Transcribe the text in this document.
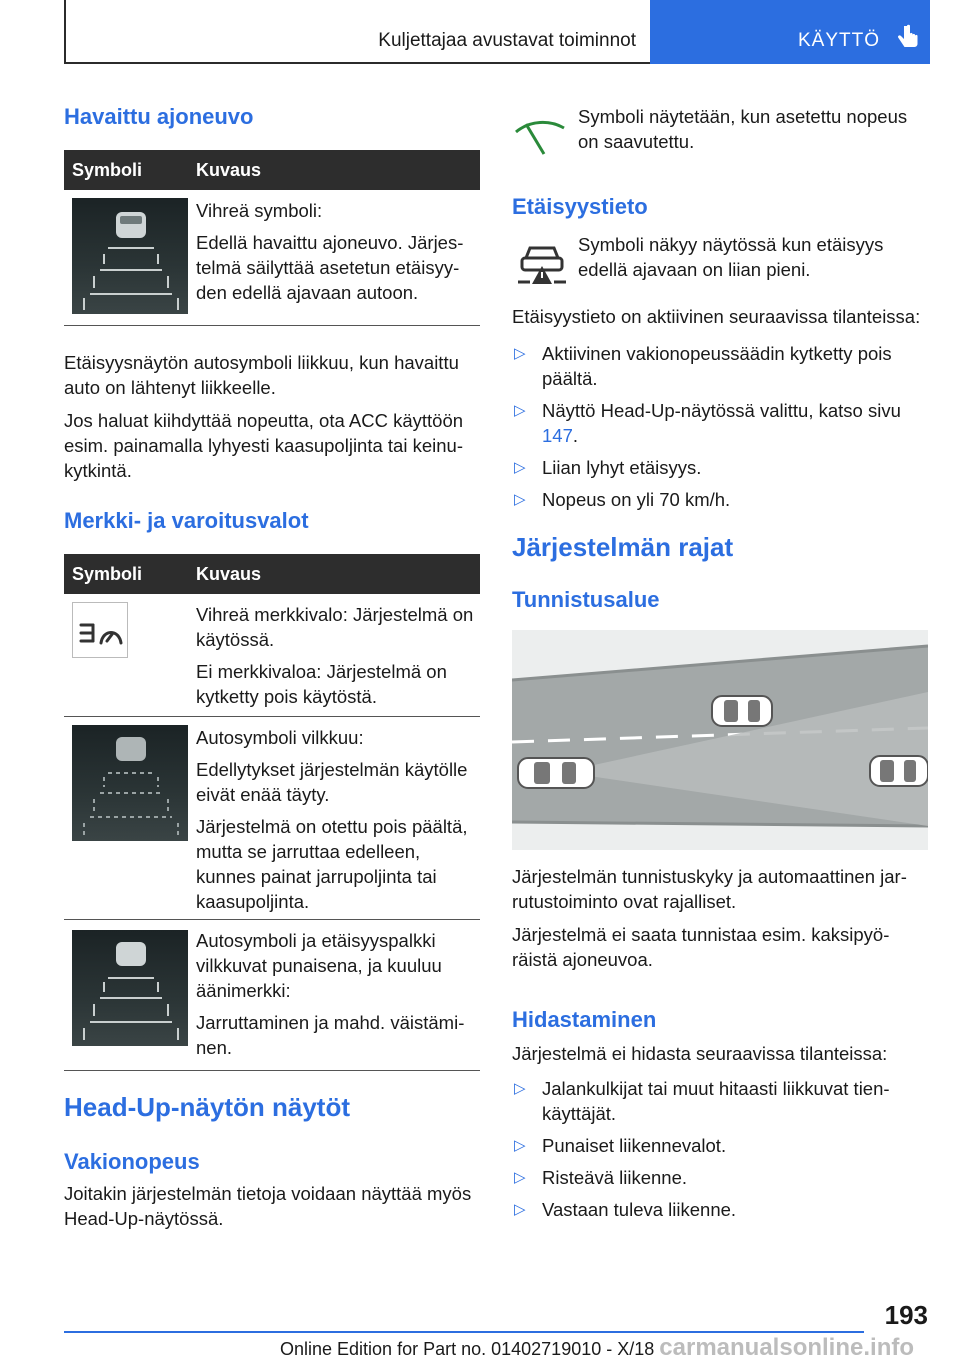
Kuljettajaa avustavat toiminnot	KÄYTTÖ
Havaittu ajoneuvo
Symboli	Kuvaus

Vihreä symboli:

Edellä havaittu ajoneuvo. Järjestelmä säilyttää asetetun etäisyyden edellä ajavaan autoon.

Etäisyysnäytön autosymboli liikkuu, kun havaittu auto on lähtenyt liikkeelle.

Jos haluat kiihdyttää nopeutta, ota ACC käyttöön esim. painamalla lyhyesti kaasupoljinta tai keinukytkintä.

Merkki- ja varoitusvalot
Symboli	Kuvaus

Vihreä merkkivalo: Järjestelmä on käytössä.

Ei merkkivaloa: Järjestelmä on kytketty pois käytöstä.

Autosymboli vilkkuu:

Edellytykset järjestelmän käytölle eivät enää täyty.

Järjestelmä on otettu pois päältä, mutta se jarruttaa edelleen, kunnes painat jarrupoljinta tai kaasupoljinta.

Autosymboli ja etäisyyspalkki vilkkuvat punaisena, ja kuuluu äänimerkki:

Jarruttaminen ja mahd. väistäminen.

Head-Up-näytön näytöt
Vakionopeus

Joitakin järjestelmän tietoja voidaan näyttää myös Head-Up-näytössä.

Symboli näytetään, kun asetettu nopeus on saavutettu.

Etäisyystieto

Symboli näkyy näytössä kun etäisyys edellä ajavaan on liian pieni.

Etäisyystieto on aktiivinen seuraavissa tilanteissa:

▷ Aktiivinen vakionopeussäädin kytketty pois päältä.
▷ Näyttö Head-Up-näytössä valittu, katso sivu 147.
▷ Liian lyhyt etäisyys.
▷ Nopeus on yli 70 km/h.
Järjestelmän rajat
Tunnistusalue

Järjestelmän tunnistuskyky ja automaattinen jarrutustoiminto ovat rajalliset.

Järjestelmä ei saata tunnistaa esim. kaksipyöräistä ajoneuvoa.

Hidastaminen

Järjestelmä ei hidasta seuraavissa tilanteissa:

▷ Jalankulkijat tai muut hitaasti liikkuvat tienkäyttäjät.
▷ Punaiset liikennevalot.
▷ Risteävä liikenne.
▷ Vastaan tuleva liikenne.
193
Online Edition for Part no. 01402719010 - X/18 carmanualsonline.info
